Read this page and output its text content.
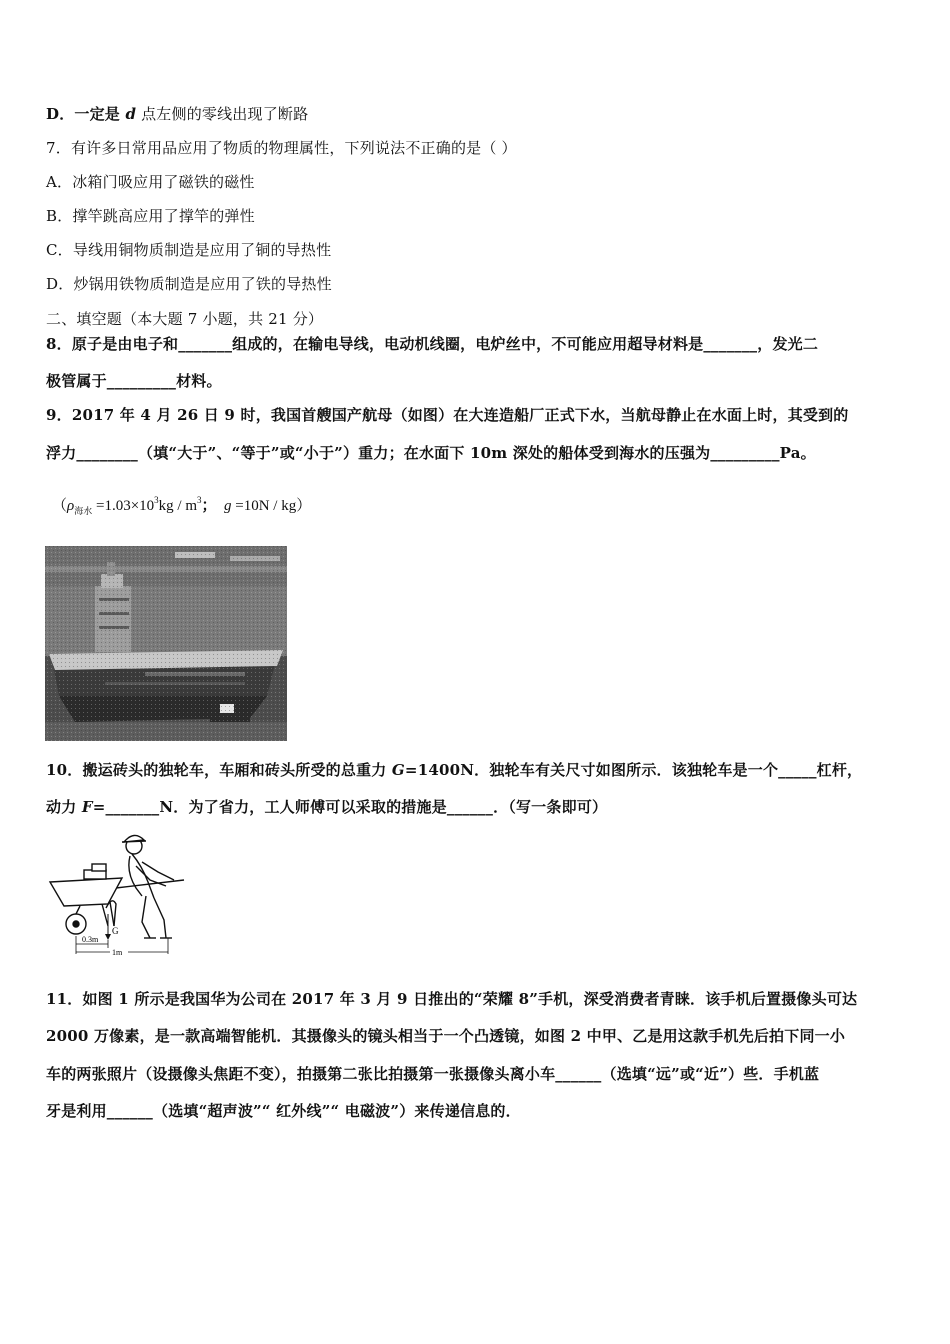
D．一定是 d 点左侧的零线出现了断路
7．有许多日常用品应用了物质的物理属性，下列说法不正确的是（ ）
A．冰箱门吸应用了磁铁的磁性
B．撑竿跳高应用了撑竿的弹性
C．导线用铜物质制造是应用了铜的导热性
D．炒锅用铁物质制造是应用了铁的导热性
二、填空题（本大题 7 小题，共 21 分）
8．原子是由电子和_______组成的，在输电导线，电动机线圈，电炉丝中，不可能应用超导材料是_______，发光二
极管属于_________材料。
9．2017 年 4 月 26 日 9 时，我国首艘国产航母（如图）在大连造船厂正式下水，当航母静止在水面上时，其受到的
浮力________（填“大于”、“等于”或“小于”）重力；在水面下 10m 深处的船体受到海水的压强为_________Pa。
（$\rho_{海水} =1.03\times 10^3kg / m^3$； g =10N / kg）
10．搬运砖头的独轮车，车厢和砖头所受的总重力 G=1400N．独轮车有关尺寸如图所示．该独轮车是一个_____杠杆，
动力 F=_______N．为了省力，工人师傅可以采取的措施是______．（写一条即可）
G
0.3m
1m
11．如图 1 所示是我国华为公司在 2017 年 3 月 9 日推出的“荣耀 8”手机，深受消费者青睐．该手机后置摄像头可达
2000 万像素，是一款高端智能机．其摄像头的镜头相当于一个凸透镜，如图 2 中甲、乙是用这款手机先后拍下同一小
车的两张照片（设摄像头焦距不变），拍摄第二张比拍摄第一张摄像头离小车______（选填“远”或“近”）些．手机蓝
牙是利用______（选填“超声波”“ 红外线”“ 电磁波”）来传递信息的．
